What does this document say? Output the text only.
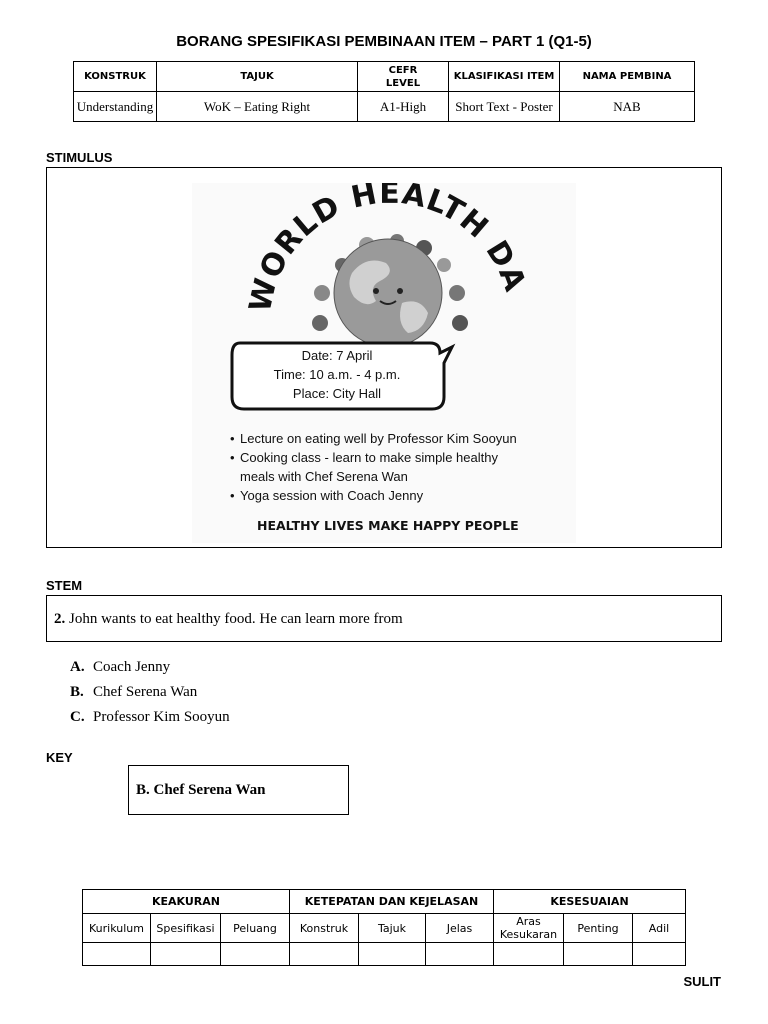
BORANG SPESIFIKASI PEMBINAAN ITEM – PART 1 (Q1-5)
KONSTRUK	TAJUK	CEFR LEVEL	KLASIFIKASI ITEM	NAMA PEMBINA
Understanding	WoK – Eating Right	A1-High	Short Text - Poster	NAB
STIMULUS
WORLD HEALTH DA
Date: 7 April
Time: 10 a.m. - 4 p.m.
Place: City Hall
• Lecture on eating well by Professor Kim Sooyun
• Cooking class - learn to make simple healthy
meals with Chef Serena Wan
• Yoga session with Coach Jenny
HEALTHY LIVES MAKE HAPPY PEOPLE
STEM
2. John wants to eat healthy food. He can learn more from
A. Coach Jenny
B. Chef Serena Wan
C. Professor Kim Sooyun
KEY
B. Chef Serena Wan
KEAKURAN			KETEPATAN DAN KEJELASAN			KESESUAIAN		
Kurikulum	Spesifikasi	Peluang	Konstruk	Tajuk	Jelas	Aras Kesukaran	Penting	Adil

SULIT
